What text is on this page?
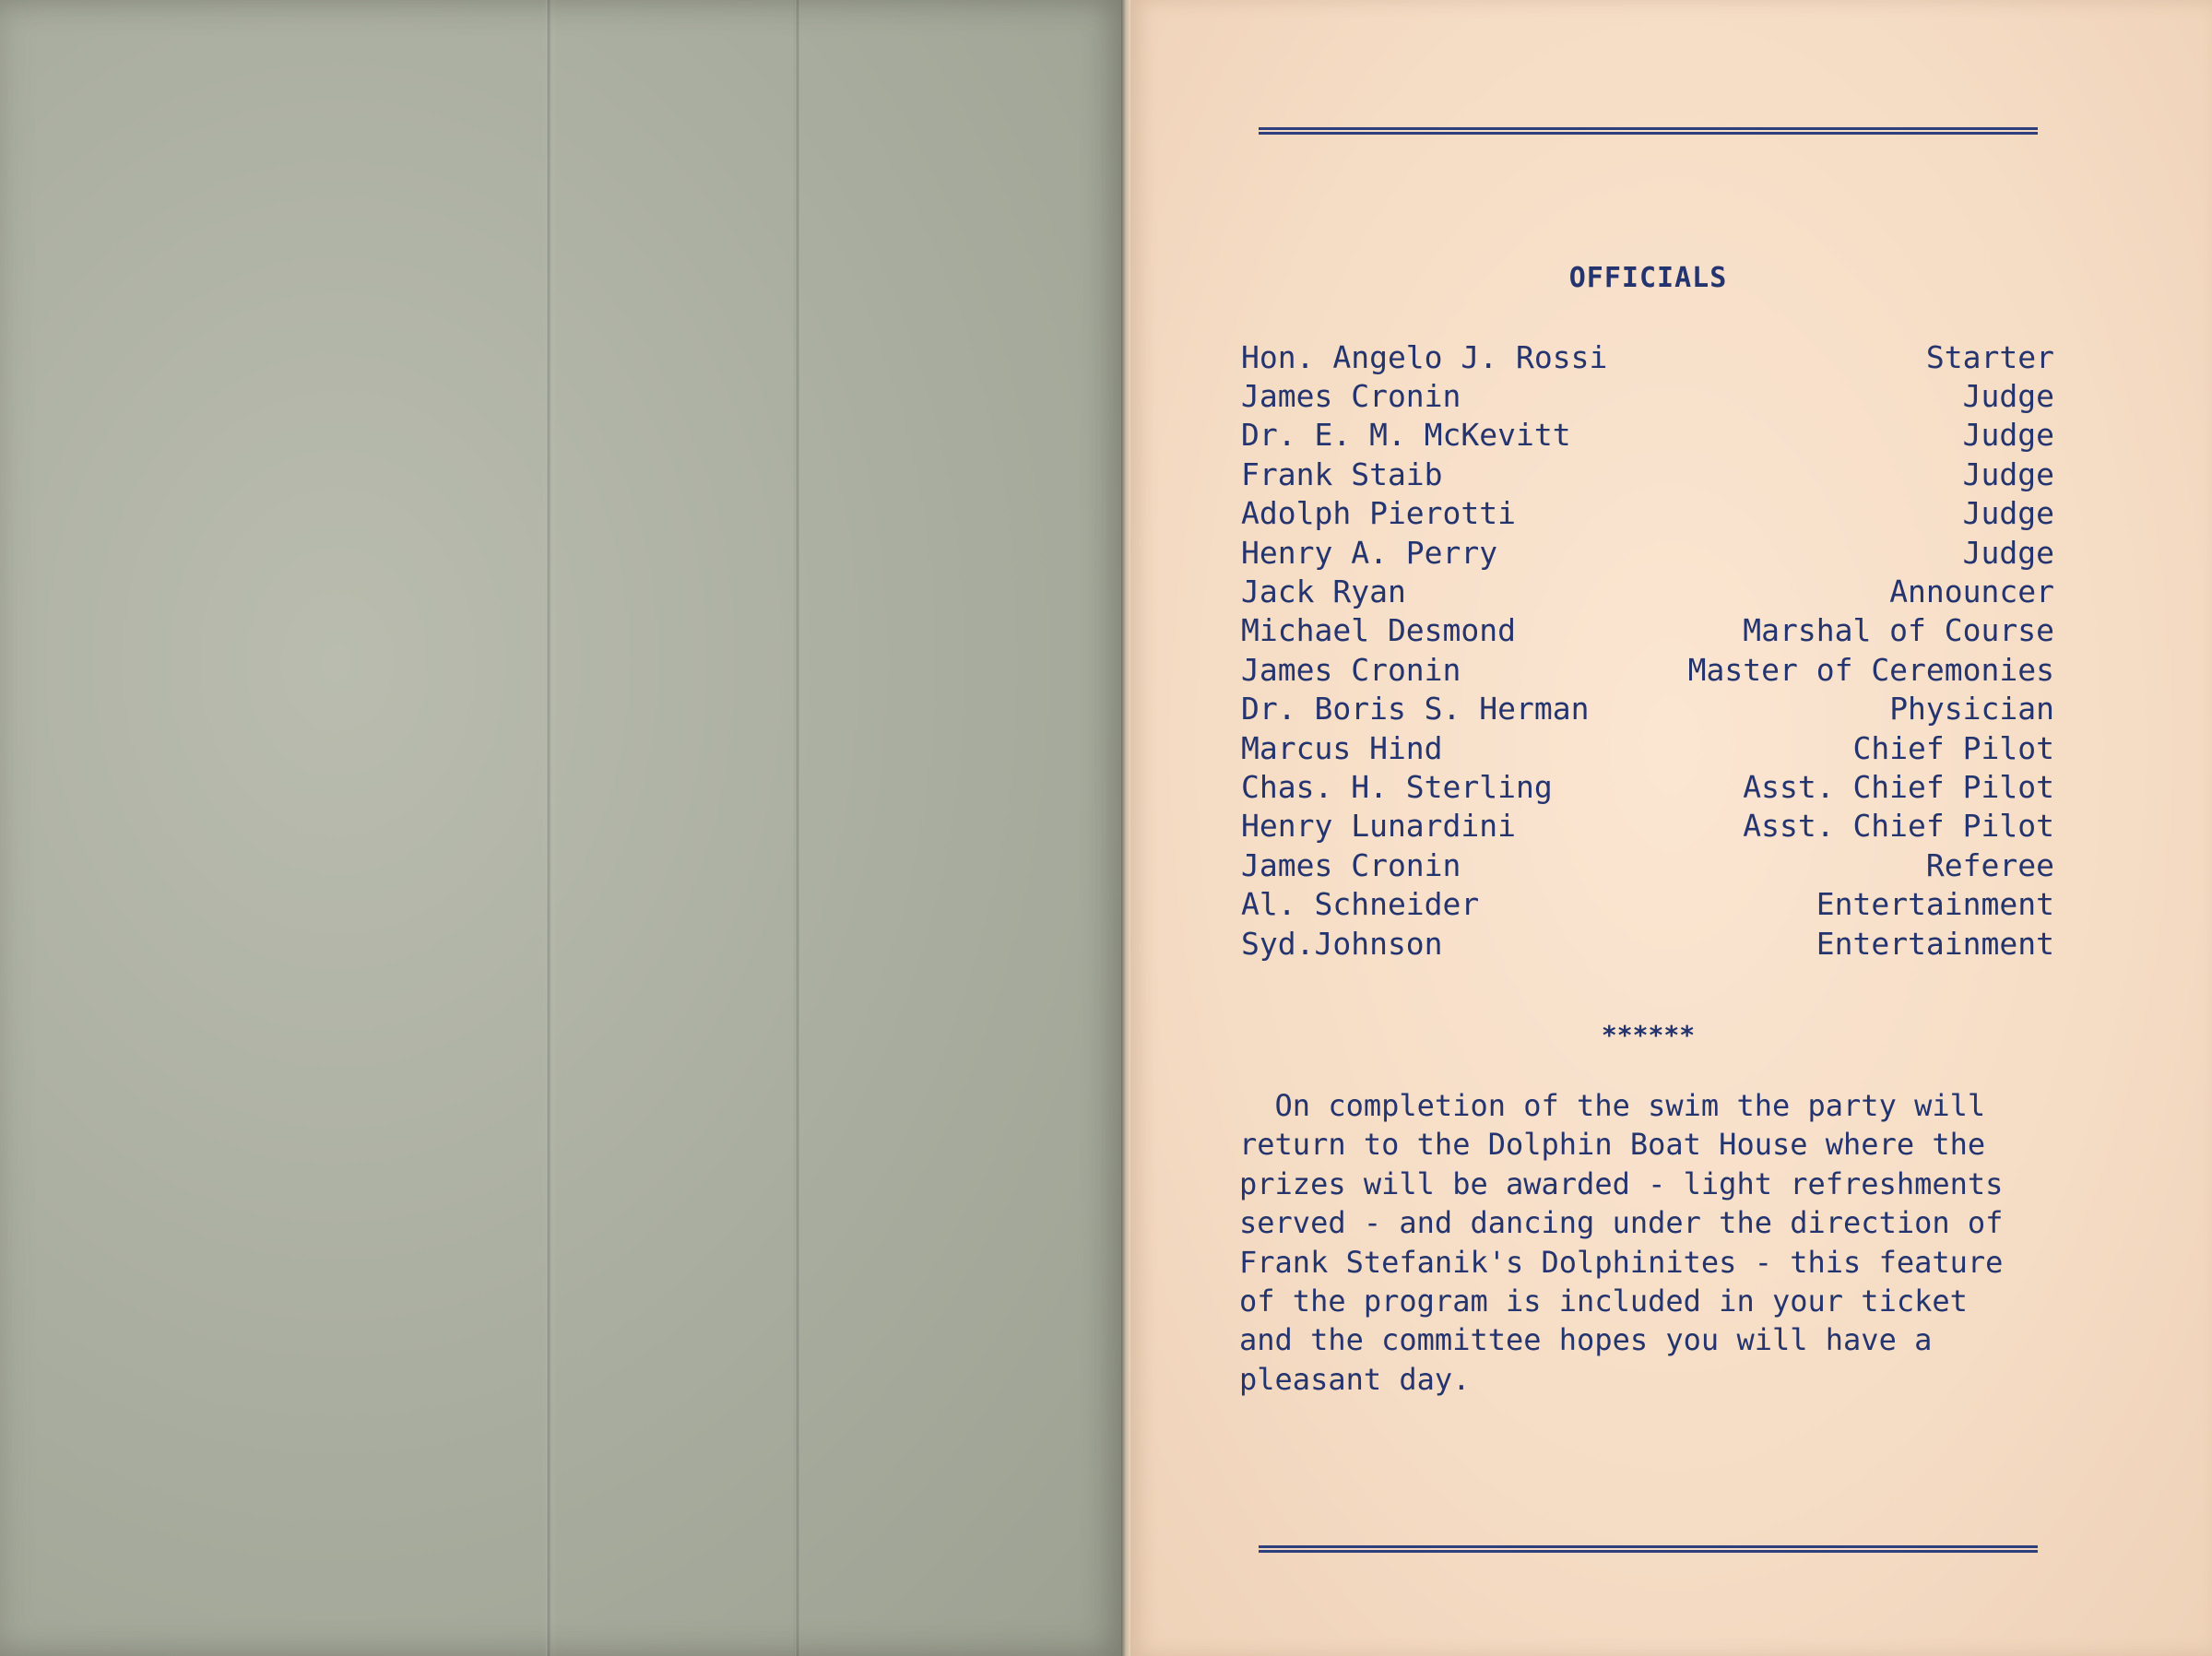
OFFICIALS
Hon. Angelo J. Rossi	Starter
James Cronin	Judge
Dr. E. M. McKevitt	Judge
Frank Staib	Judge
Adolph Pierotti	Judge
Henry A. Perry	Judge
Jack Ryan	Announcer
Michael Desmond	Marshal of Course
James Cronin	Master of Ceremonies
Dr. Boris S. Herman	Physician
Marcus Hind	Chief Pilot
Chas. H. Sterling	Asst. Chief Pilot
Henry Lunardini	Asst. Chief Pilot
James Cronin	Referee
Al. Schneider	Entertainment
Syd.Johnson	Entertainment
******

On completion of the swim the party will

return to the Dolphin Boat House where the

prizes will be awarded - light refreshments

served - and dancing under the direction of

Frank Stefanik's Dolphinites - this feature

of the program is included in your ticket

and the committee hopes you will have a

pleasant day.
